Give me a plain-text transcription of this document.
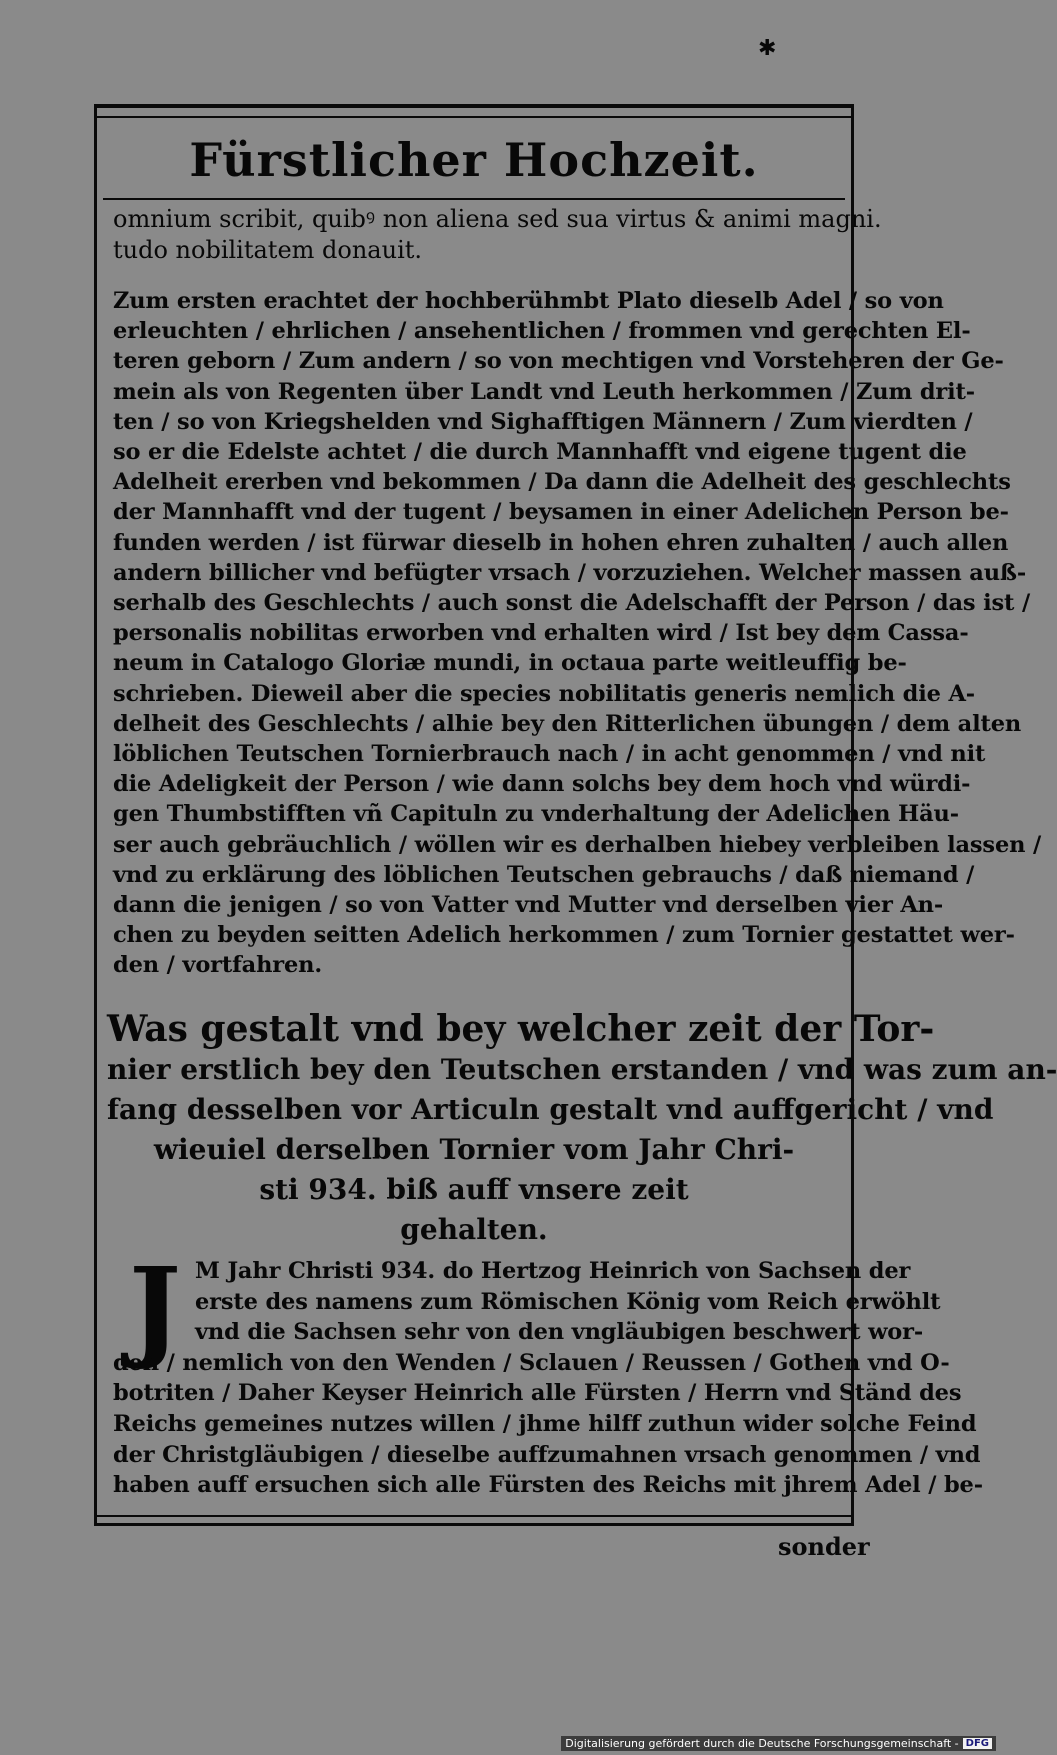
✱
Fürstlicher Hochzeit.
omnium scribit, quibꝰ non aliena sed sua virtus & animi magni.
tudo nobilitatem donauit.
Zum ersten erachtet der hochberühmbt Plato dieselb Adel / so von
erleuchten / ehrlichen / ansehentlichen / frommen vnd gerechten El-
teren geborn / Zum andern / so von mechtigen vnd Vorsteheren der Ge-
mein als von Regenten über Landt vnd Leuth herkommen / Zum drit-
ten / so von Kriegshelden vnd Sighafftigen Männern / Zum vierdten /
so er die Edelste achtet / die durch Mannhafft vnd eigene tugent die
Adelheit ererben vnd bekommen / Da dann die Adelheit des geschlechts
der Mannhafft vnd der tugent / beysamen in einer Adelichen Person be-
funden werden / ist fürwar dieselb in hohen ehren zuhalten / auch allen
andern billicher vnd befügter vrsach / vorzuziehen. Welcher massen auß-
serhalb des Geschlechts / auch sonst die Adelschafft der Person / das ist /
personalis nobilitas erworben vnd erhalten wird / Ist bey dem Cassa-
neum in Catalogo Gloriæ mundi, in octaua parte weitleuffig be-
schrieben. Dieweil aber die species nobilitatis generis nemlich die A-
delheit des Geschlechts / alhie bey den Ritterlichen übungen / dem alten
löblichen Teutschen Tornierbrauch nach / in acht genommen / vnd nit
die Adeligkeit der Person / wie dann solchs bey dem hoch vnd würdi-
gen Thumbstifften vñ Capituln zu vnderhaltung der Adelichen Häu-
ser auch gebräuchlich / wöllen wir es derhalben hiebey verbleiben lassen /
vnd zu erklärung des löblichen Teutschen gebrauchs / daß niemand /
dann die jenigen / so von Vatter vnd Mutter vnd derselben vier An-
chen zu beyden seitten Adelich herkommen / zum Tornier gestattet wer-
den / vortfahren.
Was gestalt vnd bey welcher zeit der Tor-
nier erstlich bey den Teutschen erstanden / vnd was zum an-
fang desselben vor Articuln gestalt vnd auffgericht / vnd
wieuiel derselben Tornier vom Jahr Chri-
sti 934. biß auff vnsere zeit
gehalten.
J M Jahr Christi 934. do Hertzog Heinrich von Sachsen der
erste des namens zum Römischen König vom Reich erwöhlt
vnd die Sachsen sehr von den vngläubigen beschwert wor-
den / nemlich von den Wenden / Sclauen / Reussen / Gothen vnd O-
botriten / Daher Keyser Heinrich alle Fürsten / Herrn vnd Ständ des
Reichs gemeines nutzes willen / jhme hilff zuthun wider solche Feind
der Christgläubigen / dieselbe auffzumahnen vrsach genommen / vnd
haben auff ersuchen sich alle Fürsten des Reichs mit jhrem Adel / be-
sonder
Digitalisierung gefördert durch die Deutsche Forschungsgemeinschaft - DFG
